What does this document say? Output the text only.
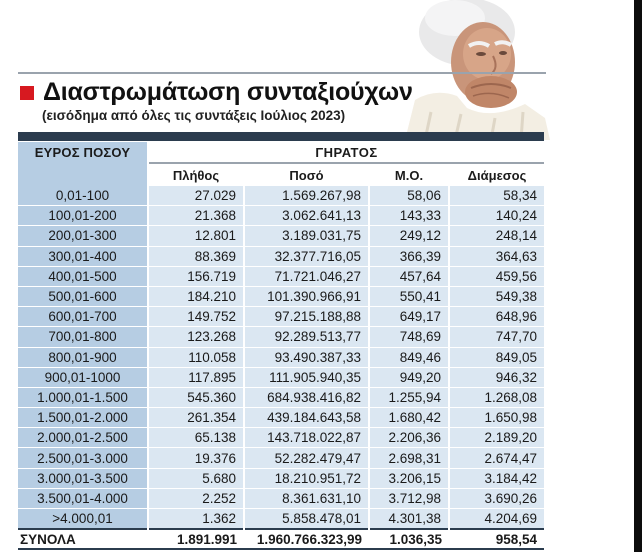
Διαστρωμάτωση συνταξιούχων
(εισόδημα από όλες τις συντάξεις Ιούλιος 2023)
ΕΥΡΟΣ ΠΟΣΟΥ	ΓΗΡΑΤΟΣ			
	Πλήθος	Ποσό	Μ.Ο.	Διάμεσος
0,01-100	27.029	1.569.267,98	58,06	58,34
100,01-200	21.368	3.062.641,13	143,33	140,24
200,01-300	12.801	3.189.031,75	249,12	248,14
300,01-400	88.369	32.377.716,05	366,39	364,63
400,01-500	156.719	71.721.046,27	457,64	459,56
500,01-600	184.210	101.390.966,91	550,41	549,38
600,01-700	149.752	97.215.188,88	649,17	648,96
700,01-800	123.268	92.289.513,77	748,69	747,70
800,01-900	110.058	93.490.387,33	849,46	849,05
900,01-1000	117.895	111.905.940,35	949,20	946,32
1.000,01-1.500	545.360	684.938.416,82	1.255,94	1.268,08
1.500,01-2.000	261.354	439.184.643,58	1.680,42	1.650,98
2.000,01-2.500	65.138	143.718.022,87	2.206,36	2.189,20
2.500,01-3.000	19.376	52.282.479,47	2.698,31	2.674,47
3.000,01-3.500	5.680	18.210.951,72	3.206,15	3.184,42
3.500,01-4.000	2.252	8.361.631,10	3.712,98	3.690,26
>4.000,01	1.362	5.858.478,01	4.301,38	4.204,69
ΣΥΝΟΛΑ	1.891.991	1.960.766.323,99	1.036,35	958,54
